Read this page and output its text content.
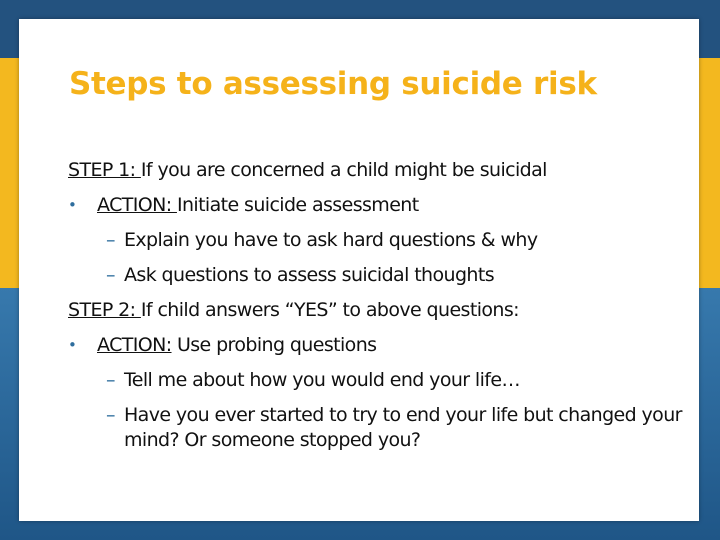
Steps to assessing suicide risk
STEP 1: If you are concerned a child might be suicidal
• ACTION: Initiate suicide assessment
– Explain you have to ask hard questions & why
– Ask questions to assess suicidal thoughts
STEP 2: If child answers “YES” to above questions:
• ACTION: Use probing questions
– Tell me about how you would end your life…
– Have you ever started to try to end your life but changed your mind? Or someone stopped you?
